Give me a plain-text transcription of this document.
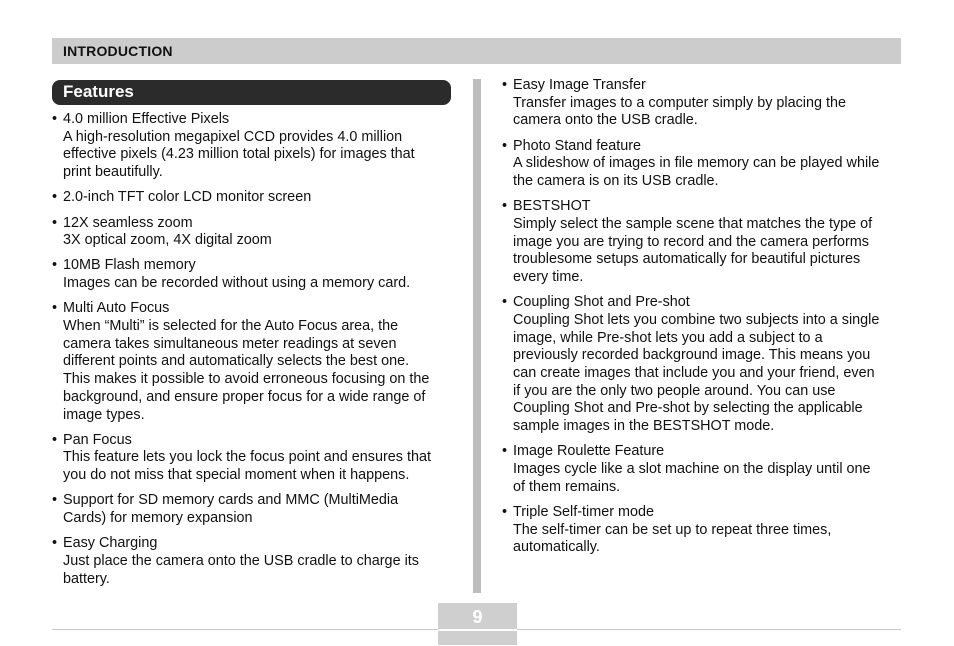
INTRODUCTION
Features
• 4.0 million Effective Pixels
A high-resolution megapixel CCD provides 4.0 million
effective pixels (4.23 million total pixels) for images that
print beautifully.
• 2.0-inch TFT color LCD monitor screen
• 12X seamless zoom
3X optical zoom, 4X digital zoom
• 10MB Flash memory
Images can be recorded without using a memory card.
• Multi Auto Focus
When “Multi” is selected for the Auto Focus area, the
camera takes simultaneous meter readings at seven
different points and automatically selects the best one.
This makes it possible to avoid erroneous focusing on the
background, and ensure proper focus for a wide range of
image types.
• Pan Focus
This feature lets you lock the focus point and ensures that
you do not miss that special moment when it happens.
• Support for SD memory cards and MMC (MultiMedia
Cards) for memory expansion
• Easy Charging
Just place the camera onto the USB cradle to charge its
battery.
• Easy Image Transfer
Transfer images to a computer simply by placing the
camera onto the USB cradle.
• Photo Stand feature
A slideshow of images in file memory can be played while
the camera is on its USB cradle.
• BESTSHOT
Simply select the sample scene that matches the type of
image you are trying to record and the camera performs
troublesome setups automatically for beautiful pictures
every time.
• Coupling Shot and Pre-shot
Coupling Shot lets you combine two subjects into a single
image, while Pre-shot lets you add a subject to a
previously recorded background image. This means you
can create images that include you and your friend, even
if you are the only two people around. You can use
Coupling Shot and Pre-shot by selecting the applicable
sample images in the BESTSHOT mode.
• Image Roulette Feature
Images cycle like a slot machine on the display until one
of them remains.
• Triple Self-timer mode
The self-timer can be set up to repeat three times,
automatically.
9
